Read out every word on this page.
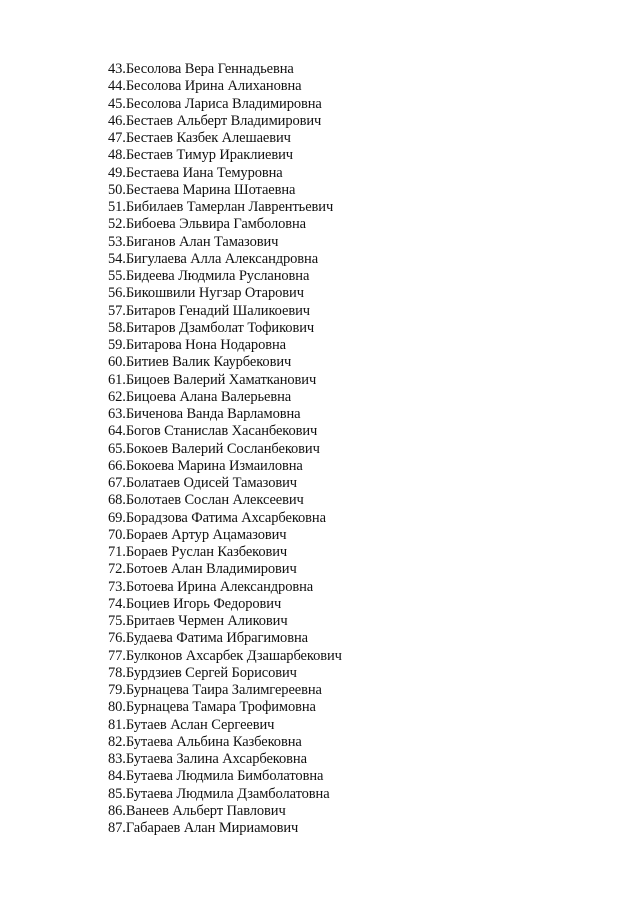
43.Бесолова Вера Геннадьевна
44.Бесолова Ирина Алихановна
45.Бесолова Лариса Владимировна
46.Бестаев Альберт Владимирович
47.Бестаев Казбек Алешаевич
48.Бестаев Тимур Ираклиевич
49.Бестаева Иана Темуровна
50.Бестаева Марина Шотаевна
51.Бибилаев Тамерлан Лаврентьевич
52.Бибоева Эльвира Гамболовна
53.Биганов Алан Тамазович
54.Бигулаева Алла Александровна
55.Бидеева Людмила Руслановна
56.Бикошвили Нугзар Отарович
57.Битаров Генадий Шаликоевич
58.Битаров Дзамболат Тофикович
59.Битарова Нона Нодаровна
60.Битиев Валик Каурбекович
61.Бицоев Валерий Хаматканович
62.Бицоева Алана Валерьевна
63.Биченова Ванда Варламовна
64.Богов Станислав Хасанбекович
65.Бокоев Валерий Сосланбекович
66.Бокоева Марина Измаиловна
67.Болатаев Одисей Тамазович
68.Болотаев Сослан Алексеевич
69.Борадзова Фатима Ахсарбековна
70.Бораев Артур Ацамазович
71.Бораев Руслан Казбекович
72.Ботоев Алан Владимирович
73.Ботоева Ирина Александровна
74.Боциев Игорь Федорович
75.Бритаев Чермен Аликович
76.Будаева Фатима Ибрагимовна
77.Булконов Ахсарбек Дзашарбекович
78.Бурдзиев Сергей Борисович
79.Бурнацева Таира Залимгереевна
80.Бурнацева Тамара Трофимовна
81.Бутаев Аслан Сергеевич
82.Бутаева Альбина Казбековна
83.Бутаева Залина Ахсарбековна
84.Бутаева Людмила Бимболатовна
85.Бутаева Людмила Дзамболатовна
86.Ванеев Альберт Павлович
87.Габараев Алан Мириамович
